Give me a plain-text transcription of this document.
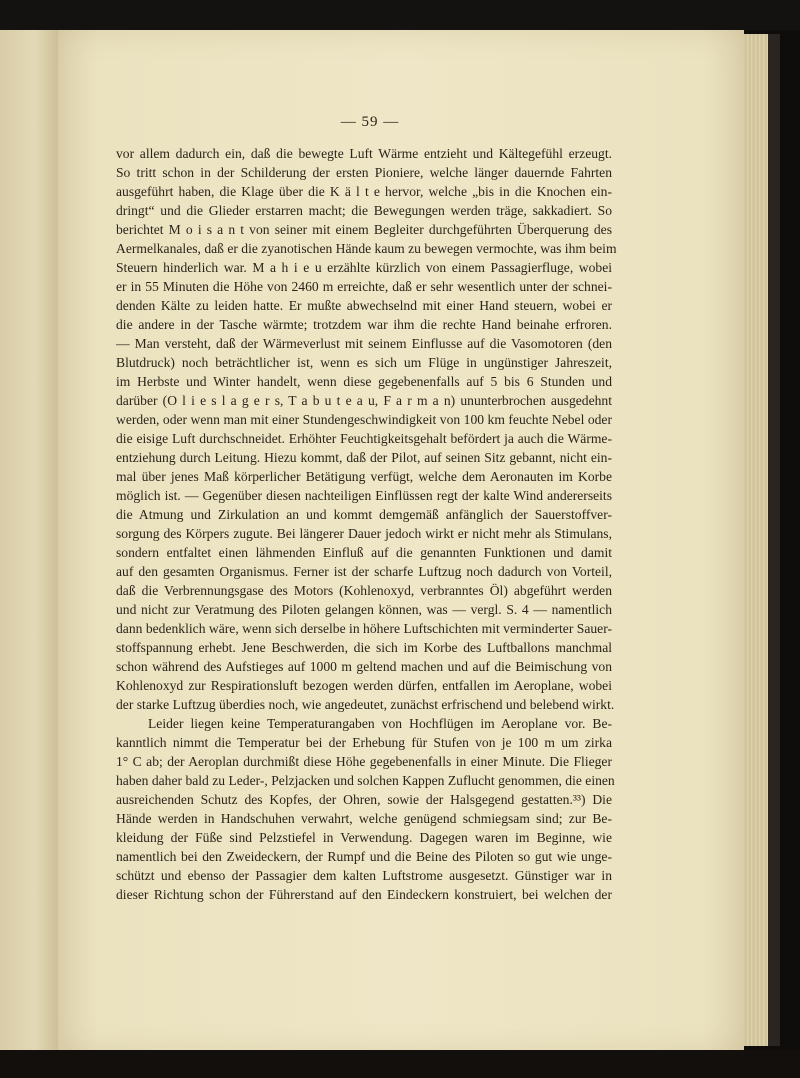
— 59 —
vor allem dadurch ein, daß die bewegte Luft Wärme entzieht und Kältegefühl erzeugt.
So tritt schon in der Schilderung der ersten Pioniere, welche länger dauernde Fahrten
ausgeführt haben, die Klage über die K ä l t e hervor, welche „bis in die Knochen ein-
dringt“ und die Glieder erstarren macht; die Bewegungen werden träge, sakkadiert. So
berichtet M o i s a n t von seiner mit einem Begleiter durchgeführten Überquerung des
Aermelkanales, daß er die zyanotischen Hände kaum zu bewegen vermochte, was ihm beim
Steuern hinderlich war. M a h i e u erzählte kürzlich von einem Passagierfluge, wobei
er in 55 Minuten die Höhe von 2460 m erreichte, daß er sehr wesentlich unter der schnei-
denden Kälte zu leiden hatte. Er mußte abwechselnd mit einer Hand steuern, wobei er
die andere in der Tasche wärmte; trotzdem war ihm die rechte Hand beinahe erfroren.
— Man versteht, daß der Wärmeverlust mit seinem Einflusse auf die Vasomotoren (den
Blutdruck) noch beträchtlicher ist, wenn es sich um Flüge in ungünstiger Jahreszeit,
im Herbste und Winter handelt, wenn diese gegebenenfalls auf 5 bis 6 Stunden und
darüber (O l i e s l a g e r s, T a b u t e a u, F a r m a n) ununterbrochen ausgedehnt
werden, oder wenn man mit einer Stundengeschwindigkeit von 100 km feuchte Nebel oder
die eisige Luft durchschneidet. Erhöhter Feuchtigkeitsgehalt befördert ja auch die Wärme-
entziehung durch Leitung. Hiezu kommt, daß der Pilot, auf seinen Sitz gebannt, nicht ein-
mal über jenes Maß körperlicher Betätigung verfügt, welche dem Aeronauten im Korbe
möglich ist. — Gegenüber diesen nachteiligen Einflüssen regt der kalte Wind andererseits
die Atmung und Zirkulation an und kommt demgemäß anfänglich der Sauerstoffver-
sorgung des Körpers zugute. Bei längerer Dauer jedoch wirkt er nicht mehr als Stimulans,
sondern entfaltet einen lähmenden Einfluß auf die genannten Funktionen und damit
auf den gesamten Organismus. Ferner ist der scharfe Luftzug noch dadurch von Vorteil,
daß die Verbrennungsgase des Motors (Kohlenoxyd, verbranntes Öl) abgeführt werden
und nicht zur Veratmung des Piloten gelangen können, was — vergl. S. 4 — namentlich
dann bedenklich wäre, wenn sich derselbe in höhere Luftschichten mit verminderter Sauer-
stoffspannung erhebt. Jene Beschwerden, die sich im Korbe des Luftballons manchmal
schon während des Aufstieges auf 1000 m geltend machen und auf die Beimischung von
Kohlenoxyd zur Respirationsluft bezogen werden dürfen, entfallen im Aeroplane, wobei
der starke Luftzug überdies noch, wie angedeutet, zunächst erfrischend und belebend wirkt.
Leider liegen keine Temperaturangaben von Hochflügen im Aeroplane vor. Be-
kanntlich nimmt die Temperatur bei der Erhebung für Stufen von je 100 m um zirka
1° C ab; der Aeroplan durchmißt diese Höhe gegebenenfalls in einer Minute. Die Flieger
haben daher bald zu Leder-, Pelzjacken und solchen Kappen Zuflucht genommen, die einen
ausreichenden Schutz des Kopfes, der Ohren, sowie der Halsgegend gestatten.³³) Die
Hände werden in Handschuhen verwahrt, welche genügend schmiegsam sind; zur Be-
kleidung der Füße sind Pelzstiefel in Verwendung. Dagegen waren im Beginne, wie
namentlich bei den Zweideckern, der Rumpf und die Beine des Piloten so gut wie unge-
schützt und ebenso der Passagier dem kalten Luftstrome ausgesetzt. Günstiger war in
dieser Richtung schon der Führerstand auf den Eindeckern konstruiert, bei welchen der
